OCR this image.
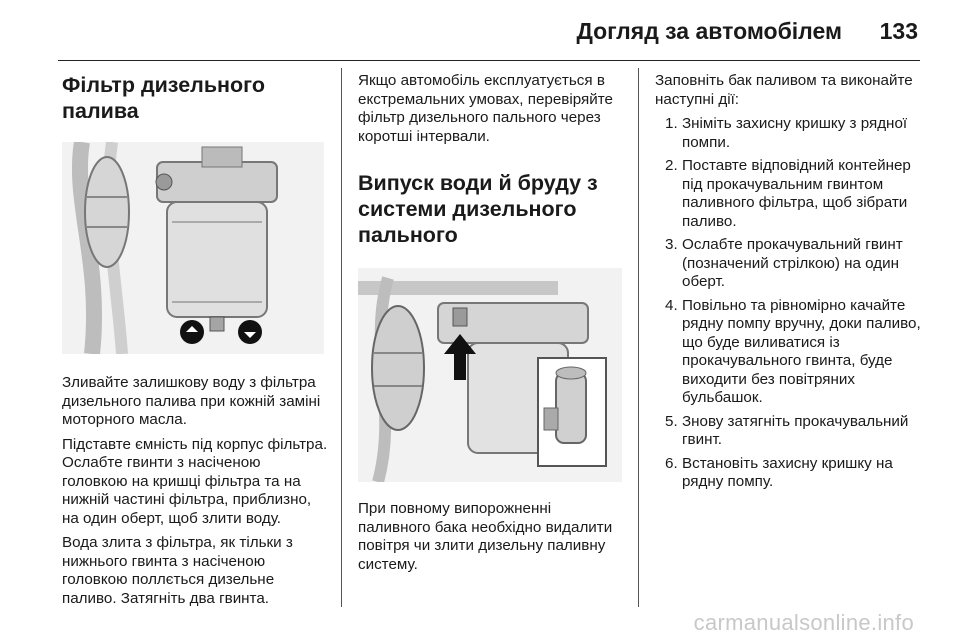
Догляд за автомобілем 133
Фільтр дизельного палива

Зливайте залишкову воду з фільтра дизельного палива при кожній заміні моторного масла.

Підставте ємність під корпус фільтра. Ослабте гвинти з насіченою головкою на кришці фільтра та на нижній частині фільтра, приблизно, на один оберт, щоб злити воду.

Вода злита з фільтра, як тільки з нижнього гвинта з насіченою головкою поллється дизельне паливо. Затягніть два гвинта.

Якщо автомобіль експлуатується в екстремальних умовах, перевіряйте фільтр дизельного пального через коротші інтервали.

Випуск води й бруду з системи дизельного пального

При повному випорожненні паливного бака необхідно видалити повітря чи злити дизельну паливну систему.

Заповніть бак паливом та виконайте наступні дії:

1. Зніміть захисну кришку з рядної помпи.
2. Поставте відповідний контейнер під прокачувальним гвинтом паливного фільтра, щоб зібрати паливо.
3. Ослабте прокачувальний гвинт (позначений стрілкою) на один оберт.
4. Повільно та рівномірно качайте рядну помпу вручну, доки паливо, що буде виливатися із прокачувального гвинта, буде виходити без повітряних бульбашок.
5. Знову затягніть прокачувальний гвинт.
6. Встановіть захисну кришку на рядну помпу.
carmanualsonline.info
